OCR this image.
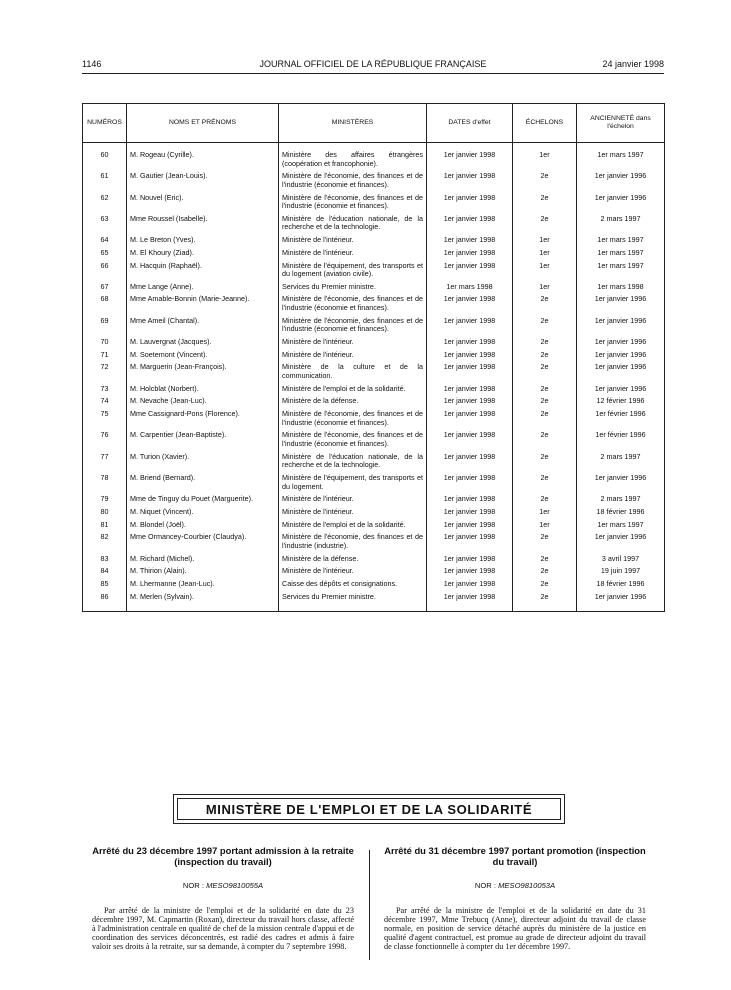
1146	JOURNAL OFFICIEL DE LA RÉPUBLIQUE FRANÇAISE	24 janvier 1998
NUMÉROS	NOMS ET PRÉNOMS	MINISTÈRES	DATES d'effet	ÉCHELONS	ANCIENNETÉ dans l'échelon

60	M. Rogeau (Cyrille).	Ministère des affaires étrangères (coopération et francophonie).	1er janvier 1998	1er	1er mars 1997
61	M. Gautier (Jean-Louis).	Ministère de l'économie, des finances et de l'industrie (économie et finances).	1er janvier 1998	2e	1er janvier 1996
62	M. Nouvel (Eric).	Ministère de l'économie, des finances et de l'industrie (économie et finances).	1er janvier 1998	2e	1er janvier 1996
63	Mme Roussel (Isabelle).	Ministère de l'éducation nationale, de la recherche et de la technologie.	1er janvier 1998	2e	2 mars 1997
64	M. Le Breton (Yves).	Ministère de l'intérieur.	1er janvier 1998	1er	1er mars 1997
65	M. El Khoury (Ziad).	Ministère de l'intérieur.	1er janvier 1998	1er	1er mars 1997
66	M. Hacquin (Raphaël).	Ministère de l'équipement, des transports et du logement (aviation civile).	1er janvier 1998	1er	1er mars 1997
67	Mme Lange (Anne).	Services du Premier ministre.	1er mars 1998	1er	1er mars 1998
68	Mme Amable-Bonnin (Marie-Jeanne).	Ministère de l'économie, des finances et de l'industrie (économie et finances).	1er janvier 1998	2e	1er janvier 1996
69	Mme Ameil (Chantal).	Ministère de l'économie, des finances et de l'industrie (économie et finances).	1er janvier 1998	2e	1er janvier 1996
70	M. Lauvergnat (Jacques).	Ministère de l'intérieur.	1er janvier 1998	2e	1er janvier 1996
71	M. Soetemont (Vincent).	Ministère de l'intérieur.	1er janvier 1998	2e	1er janvier 1996
72	M. Marguerin (Jean-François).	Ministère de la culture et de la communication.	1er janvier 1998	2e	1er janvier 1996
73	M. Holcblat (Norbert).	Ministère de l'emploi et de la solidarité.	1er janvier 1998	2e	1er janvier 1996
74	M. Nevache (Jean-Luc).	Ministère de la défense.	1er janvier 1998	2e	12 février 1996
75	Mme Cassignard-Pons (Florence).	Ministère de l'économie, des finances et de l'industrie (économie et finances).	1er janvier 1998	2e	1er février 1996
76	M. Carpentier (Jean-Baptiste).	Ministère de l'économie, des finances et de l'industrie (économie et finances).	1er janvier 1998	2e	1er février 1996
77	M. Turion (Xavier).	Ministère de l'éducation nationale, de la recherche et de la technologie.	1er janvier 1998	2e	2 mars 1997
78	M. Briend (Bernard).	Ministère de l'équipement, des transports et du logement.	1er janvier 1998	2e	1er janvier 1996
79	Mme de Tinguy du Pouet (Marguerite).	Ministère de l'intérieur.	1er janvier 1998	2e	2 mars 1997
80	M. Niquet (Vincent).	Ministère de l'intérieur.	1er janvier 1998	1er	18 février 1996
81	M. Blondel (Joël).	Ministère de l'emploi et de la solidarité.	1er janvier 1998	1er	1er mars 1997
82	Mme Ormancey-Courbier (Claudya).	Ministère de l'économie, des finances et de l'industrie (industrie).	1er janvier 1998	2e	1er janvier 1996
83	M. Richard (Michel).	Ministère de la défense.	1er janvier 1998	2e	3 avril 1997
84	M. Thirion (Alain).	Ministère de l'intérieur.	1er janvier 1998	2e	19 juin 1997
85	M. Lhermanne (Jean-Luc).	Caisse des dépôts et consignations.	1er janvier 1998	2e	18 février 1996
86	M. Merlen (Sylvain).	Services du Premier ministre.	1er janvier 1998	2e	1er janvier 1996

MINISTÈRE DE L'EMPLOI ET DE LA SOLIDARITÉ

Arrêté du 23 décembre 1997 portant admission à la retraite (inspection du travail)

NOR : MESO9810055A

Par arrêté de la ministre de l'emploi et de la solidarité en date du 23 décembre 1997, M. Capmartin (Roxan), directeur du travail hors classe, affecté à l'administration centrale en qualité de chef de la mission centrale d'appui et de coordination des services déconcentrés, est radié des cadres et admis à faire valoir ses droits à la retraite, sur sa demande, à compter du 7 septembre 1998.

Arrêté du 31 décembre 1997 portant promotion (inspection du travail)

NOR : MESO9810053A

Par arrêté de la ministre de l'emploi et de la solidarité en date du 31 décembre 1997, Mme Trebucq (Anne), directeur adjoint du travail de classe normale, en position de service détaché auprès du ministère de la justice en qualité d'agent contractuel, est promue au grade de directeur adjoint du travail de classe fonctionnelle à compter du 1er décembre 1997.
